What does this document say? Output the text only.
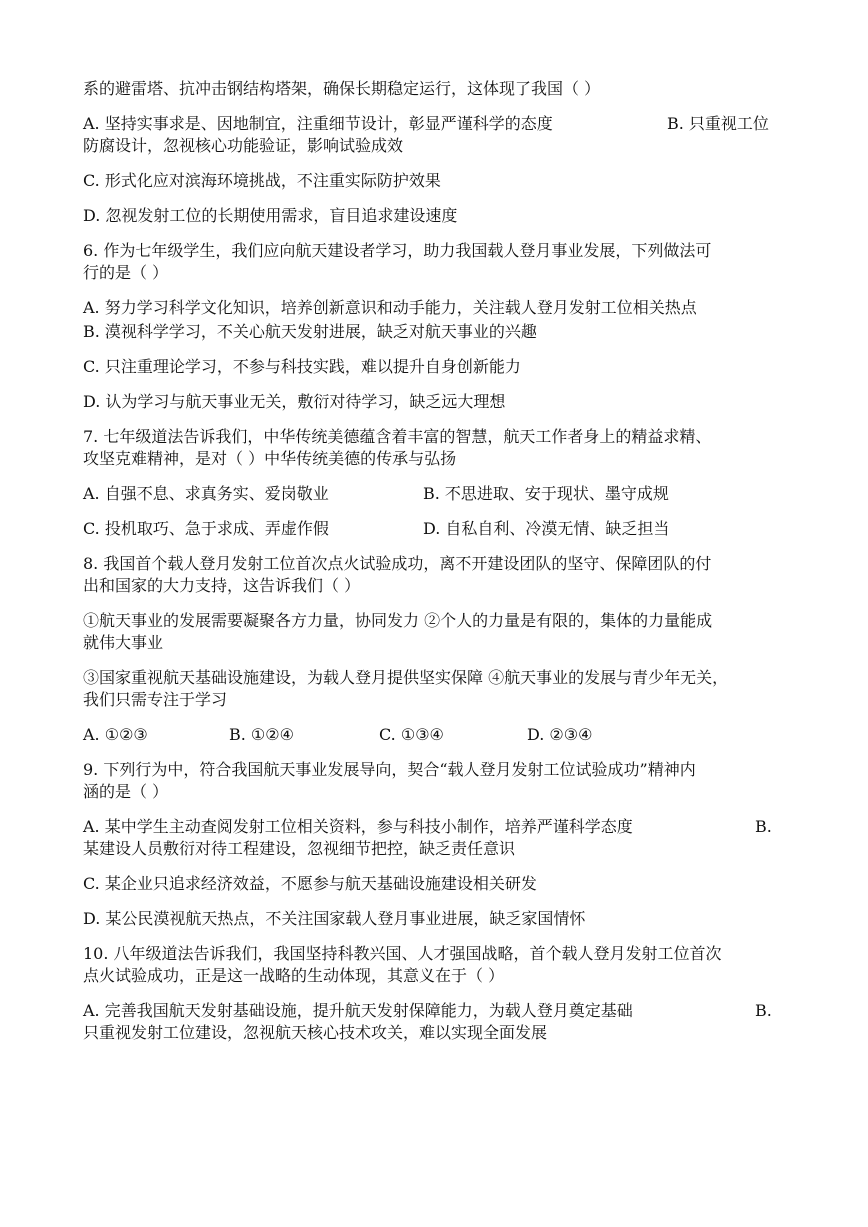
系的避雷塔、抗冲击钢结构塔架，确保长期稳定运行，这体现了我国（ ）
A. 坚持实事求是、因地制宜，注重细节设计，彰显严谨科学的态度	B. 只重视工位
防腐设计，忽视核心功能验证，影响试验成效
C. 形式化应对滨海环境挑战，不注重实际防护效果
D. 忽视发射工位的长期使用需求，盲目追求建设速度
6. 作为七年级学生，我们应向航天建设者学习，助力我国载人登月事业发展，下列做法可
行的是（ ）
A. 努力学习科学文化知识，培养创新意识和动手能力，关注载人登月发射工位相关热点
B. 漠视科学学习，不关心航天发射进展，缺乏对航天事业的兴趣
C. 只注重理论学习，不参与科技实践，难以提升自身创新能力
D. 认为学习与航天事业无关，敷衍对待学习，缺乏远大理想
7. 七年级道法告诉我们，中华传统美德蕴含着丰富的智慧，航天工作者身上的精益求精、
攻坚克难精神，是对（ ）中华传统美德的传承与弘扬
A. 自强不息、求真务实、爱岗敬业	B. 不思进取、安于现状、墨守成规
C. 投机取巧、急于求成、弄虚作假	D. 自私自利、冷漠无情、缺乏担当
8. 我国首个载人登月发射工位首次点火试验成功，离不开建设团队的坚守、保障团队的付
出和国家的大力支持，这告诉我们（ ）
①航天事业的发展需要凝聚各方力量，协同发力 ②个人的力量是有限的，集体的力量能成
就伟大事业
③国家重视航天基础设施建设，为载人登月提供坚实保障 ④航天事业的发展与青少年无关，
我们只需专注于学习
A. ①②③	B. ①②④	C. ①③④	D. ②③④
9. 下列行为中，符合我国航天事业发展导向，契合“载人登月发射工位试验成功”精神内
涵的是（ ）
A. 某中学生主动查阅发射工位相关资料，参与科技小制作，培养严谨科学态度	B.
某建设人员敷衍对待工程建设，忽视细节把控，缺乏责任意识
C. 某企业只追求经济效益，不愿参与航天基础设施建设相关研发
D. 某公民漠视航天热点，不关注国家载人登月事业进展，缺乏家国情怀
10. 八年级道法告诉我们，我国坚持科教兴国、人才强国战略，首个载人登月发射工位首次
点火试验成功，正是这一战略的生动体现，其意义在于（ ）
A. 完善我国航天发射基础设施，提升航天发射保障能力，为载人登月奠定基础	B.
只重视发射工位建设，忽视航天核心技术攻关，难以实现全面发展
